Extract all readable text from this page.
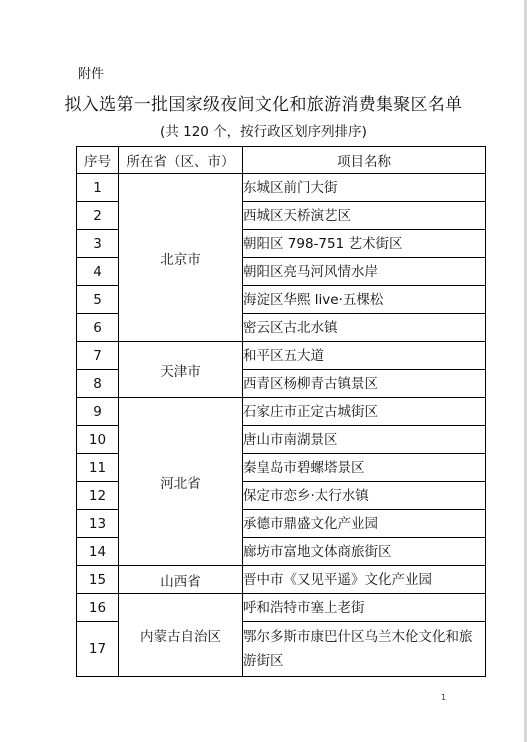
附件
拟入选第一批国家级夜间文化和旅游消费集聚区名单
(共 120 个，按行政区划序列排序)
序号	所在省（区、市）	项目名称
1	北京市	东城区前门大街
2		西城区天桥演艺区
3		朝阳区 798-751 艺术街区
4		朝阳区亮马河风情水岸
5		海淀区华熙 live·五棵松
6		密云区古北水镇
7	天津市	和平区五大道
8		西青区杨柳青古镇景区
9	河北省	石家庄市正定古城街区
10		唐山市南湖景区
11		秦皇岛市碧螺塔景区
12		保定市恋乡·太行水镇
13		承德市鼎盛文化产业园
14		廊坊市富地文体商旅街区
15	山西省	晋中市《又见平遥》文化产业园
16	内蒙古自治区	呼和浩特市塞上老街
17		鄂尔多斯市康巴什区乌兰木伦文化和旅游街区
1
